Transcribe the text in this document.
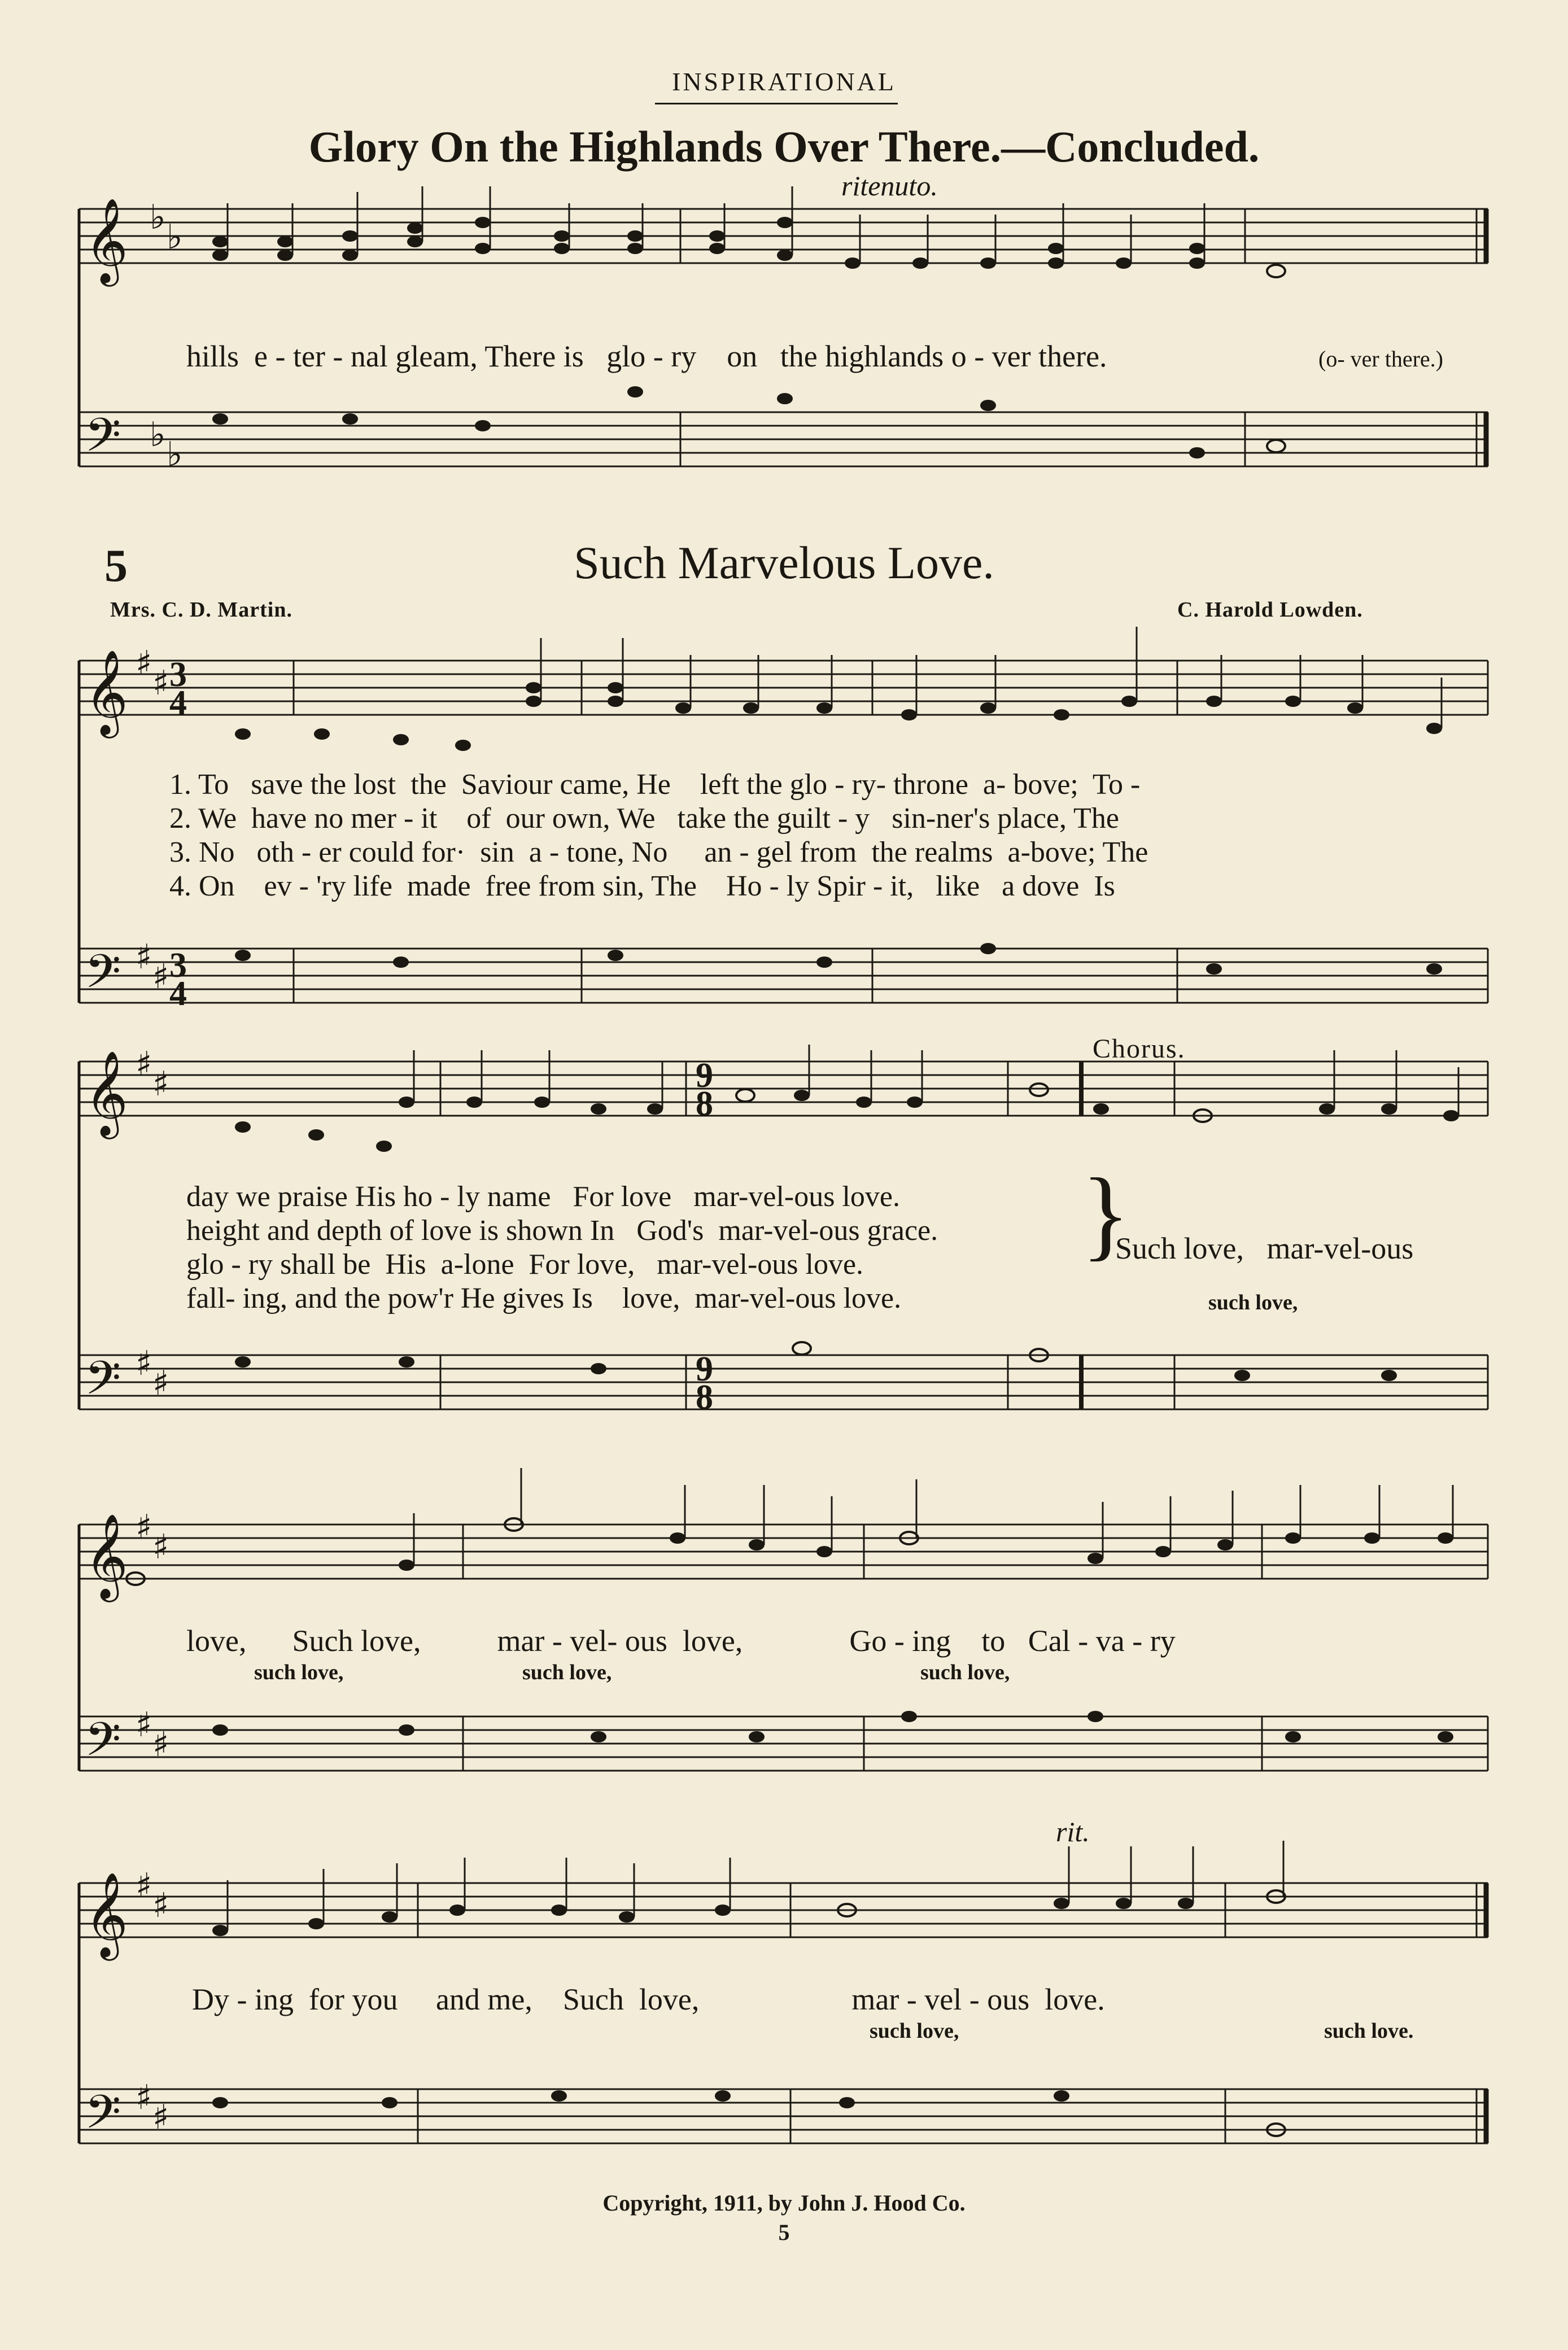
INSPIRATIONAL
Glory On the Highlands Over There.—Concluded.
ritenuto.
𝄞
𝄢
𝄞
𝄢
𝄞
𝄢
𝄞
𝄢
𝄞
𝄢
♭ ♭
♭ ♭
♯ ♯
♯ ♯
♯ ♯
♯ ♯
♯ ♯
♯ ♯
♯ ♯
♯ ♯
3
4
3
4
9
8
9
8
hills  e - ter - nal gleam, There is   glo - ry    on   the highlands o - ver there.	(o- ver there.)
5	Such Marvelous Love.
Mrs. C. D. Martin.	C. Harold Lowden.
1. To   save the lost  the  Saviour came, He    left the glo - ry- throne  a- bove;  To -
2. We  have no mer - it    of  our own, We   take the guilt - y   sin-ner's place, The
3. No   oth - er could for·  sin  a - tone, No     an - gel from  the realms  a-bove; The
4. On    ev - 'ry life  made  free from sin, The    Ho - ly Spir - it,   like   a dove  Is
Chorus.
day we praise His ho - ly name   For love   mar-vel-ous love.
height and depth of love is shown In   God's  mar-vel-ous grace.
glo - ry shall be  His  a-lone  For love,   mar-vel-ous love.
fall- ing, and the pow'r He gives Is    love,  mar-vel-ous love.
}
Such love,   mar-vel-ous
such love,
love,      Such love,          mar - vel- ous  love,              Go - ing    to   Cal - va - ry
such love,	such love,	such love,
rit.
Dy - ing  for you     and me,    Such  love,                    mar - vel - ous  love.
such love,	such love.
Copyright, 1911, by John J. Hood Co.
5
